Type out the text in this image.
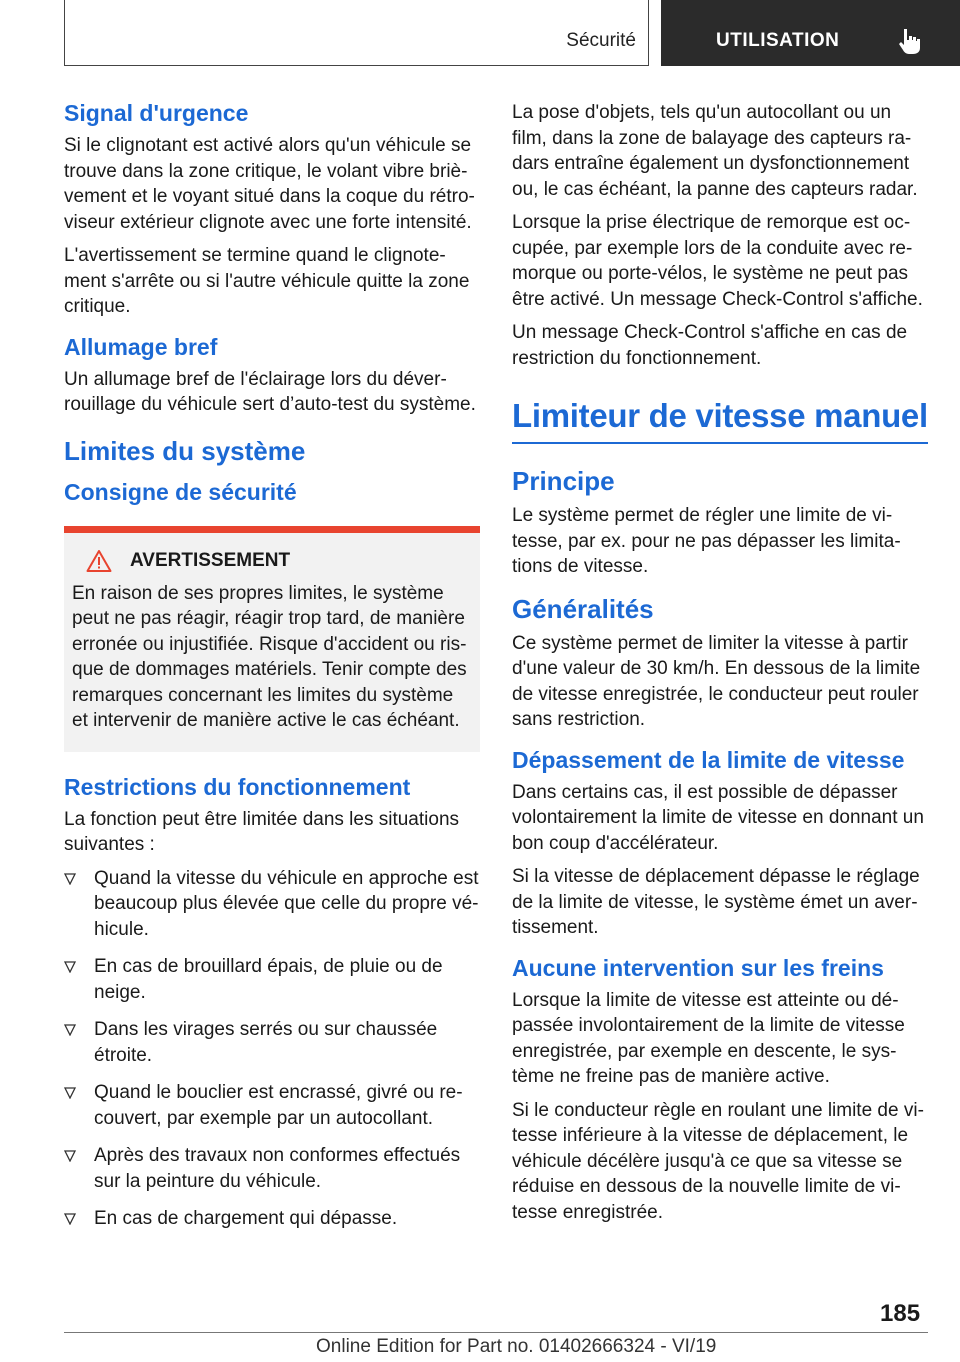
Sécurité	UTILISATION
Signal d'urgence

Si le clignotant est activé alors qu'un véhicule se trouve dans la zone critique, le volant vibre brièvement et le voyant situé dans la coque du rétroviseur extérieur clignote avec une forte intensité.

L'avertissement se termine quand le clignotement s'arrête ou si l'autre véhicule quitte la zone critique.

Allumage bref

Un allumage bref de l'éclairage lors du déverrouillage du véhicule sert d’auto-test du système.

Limites du système
Consigne de sécurité
AVERTISSEMENT
En raison de ses propres limites, le système peut ne pas réagir, réagir trop tard, de manière erronée ou injustifiée. Risque d'accident ou risque de dommages matériels. Tenir compte des remarques concernant les limites du système et intervenir de manière active le cas échéant.
Restrictions du fonctionnement

La fonction peut être limitée dans les situations suivantes :

Quand la vitesse du véhicule en approche est beaucoup plus élevée que celle du propre véhicule.
En cas de brouillard épais, de pluie ou de neige.
Dans les virages serrés ou sur chaussée étroite.
Quand le bouclier est encrassé, givré ou recouvert, par exemple par un autocollant.
Après des travaux non conformes effectués sur la peinture du véhicule.
En cas de chargement qui dépasse.

La pose d'objets, tels qu'un autocollant ou un film, dans la zone de balayage des capteurs radars entraîne également un dysfonctionnement ou, le cas échéant, la panne des capteurs radar.

Lorsque la prise électrique de remorque est occupée, par exemple lors de la conduite avec remorque ou porte-vélos, le système ne peut pas être activé. Un message Check-Control s'affiche.

Un message Check-Control s'affiche en cas de restriction du fonctionnement.

Limiteur de vitesse manuel
Principe

Le système permet de régler une limite de vitesse, par ex. pour ne pas dépasser les limitations de vitesse.

Généralités

Ce système permet de limiter la vitesse à partir d'une valeur de 30 km/h. En dessous de la limite de vitesse enregistrée, le conducteur peut rouler sans restriction.

Dépassement de la limite de vitesse

Dans certains cas, il est possible de dépasser volontairement la limite de vitesse en donnant un bon coup d'accélérateur.

Si la vitesse de déplacement dépasse le réglage de la limite de vitesse, le système émet un avertissement.

Aucune intervention sur les freins

Lorsque la limite de vitesse est atteinte ou dépassée involontairement de la limite de vitesse enregistrée, par exemple en descente, le système ne freine pas de manière active.

Si le conducteur règle en roulant une limite de vitesse inférieure à la vitesse de déplacement, le véhicule décélère jusqu'à ce que sa vitesse se réduise en dessous de la nouvelle limite de vitesse enregistrée.

185
Online Edition for Part no. 01402666324 - VI/19
